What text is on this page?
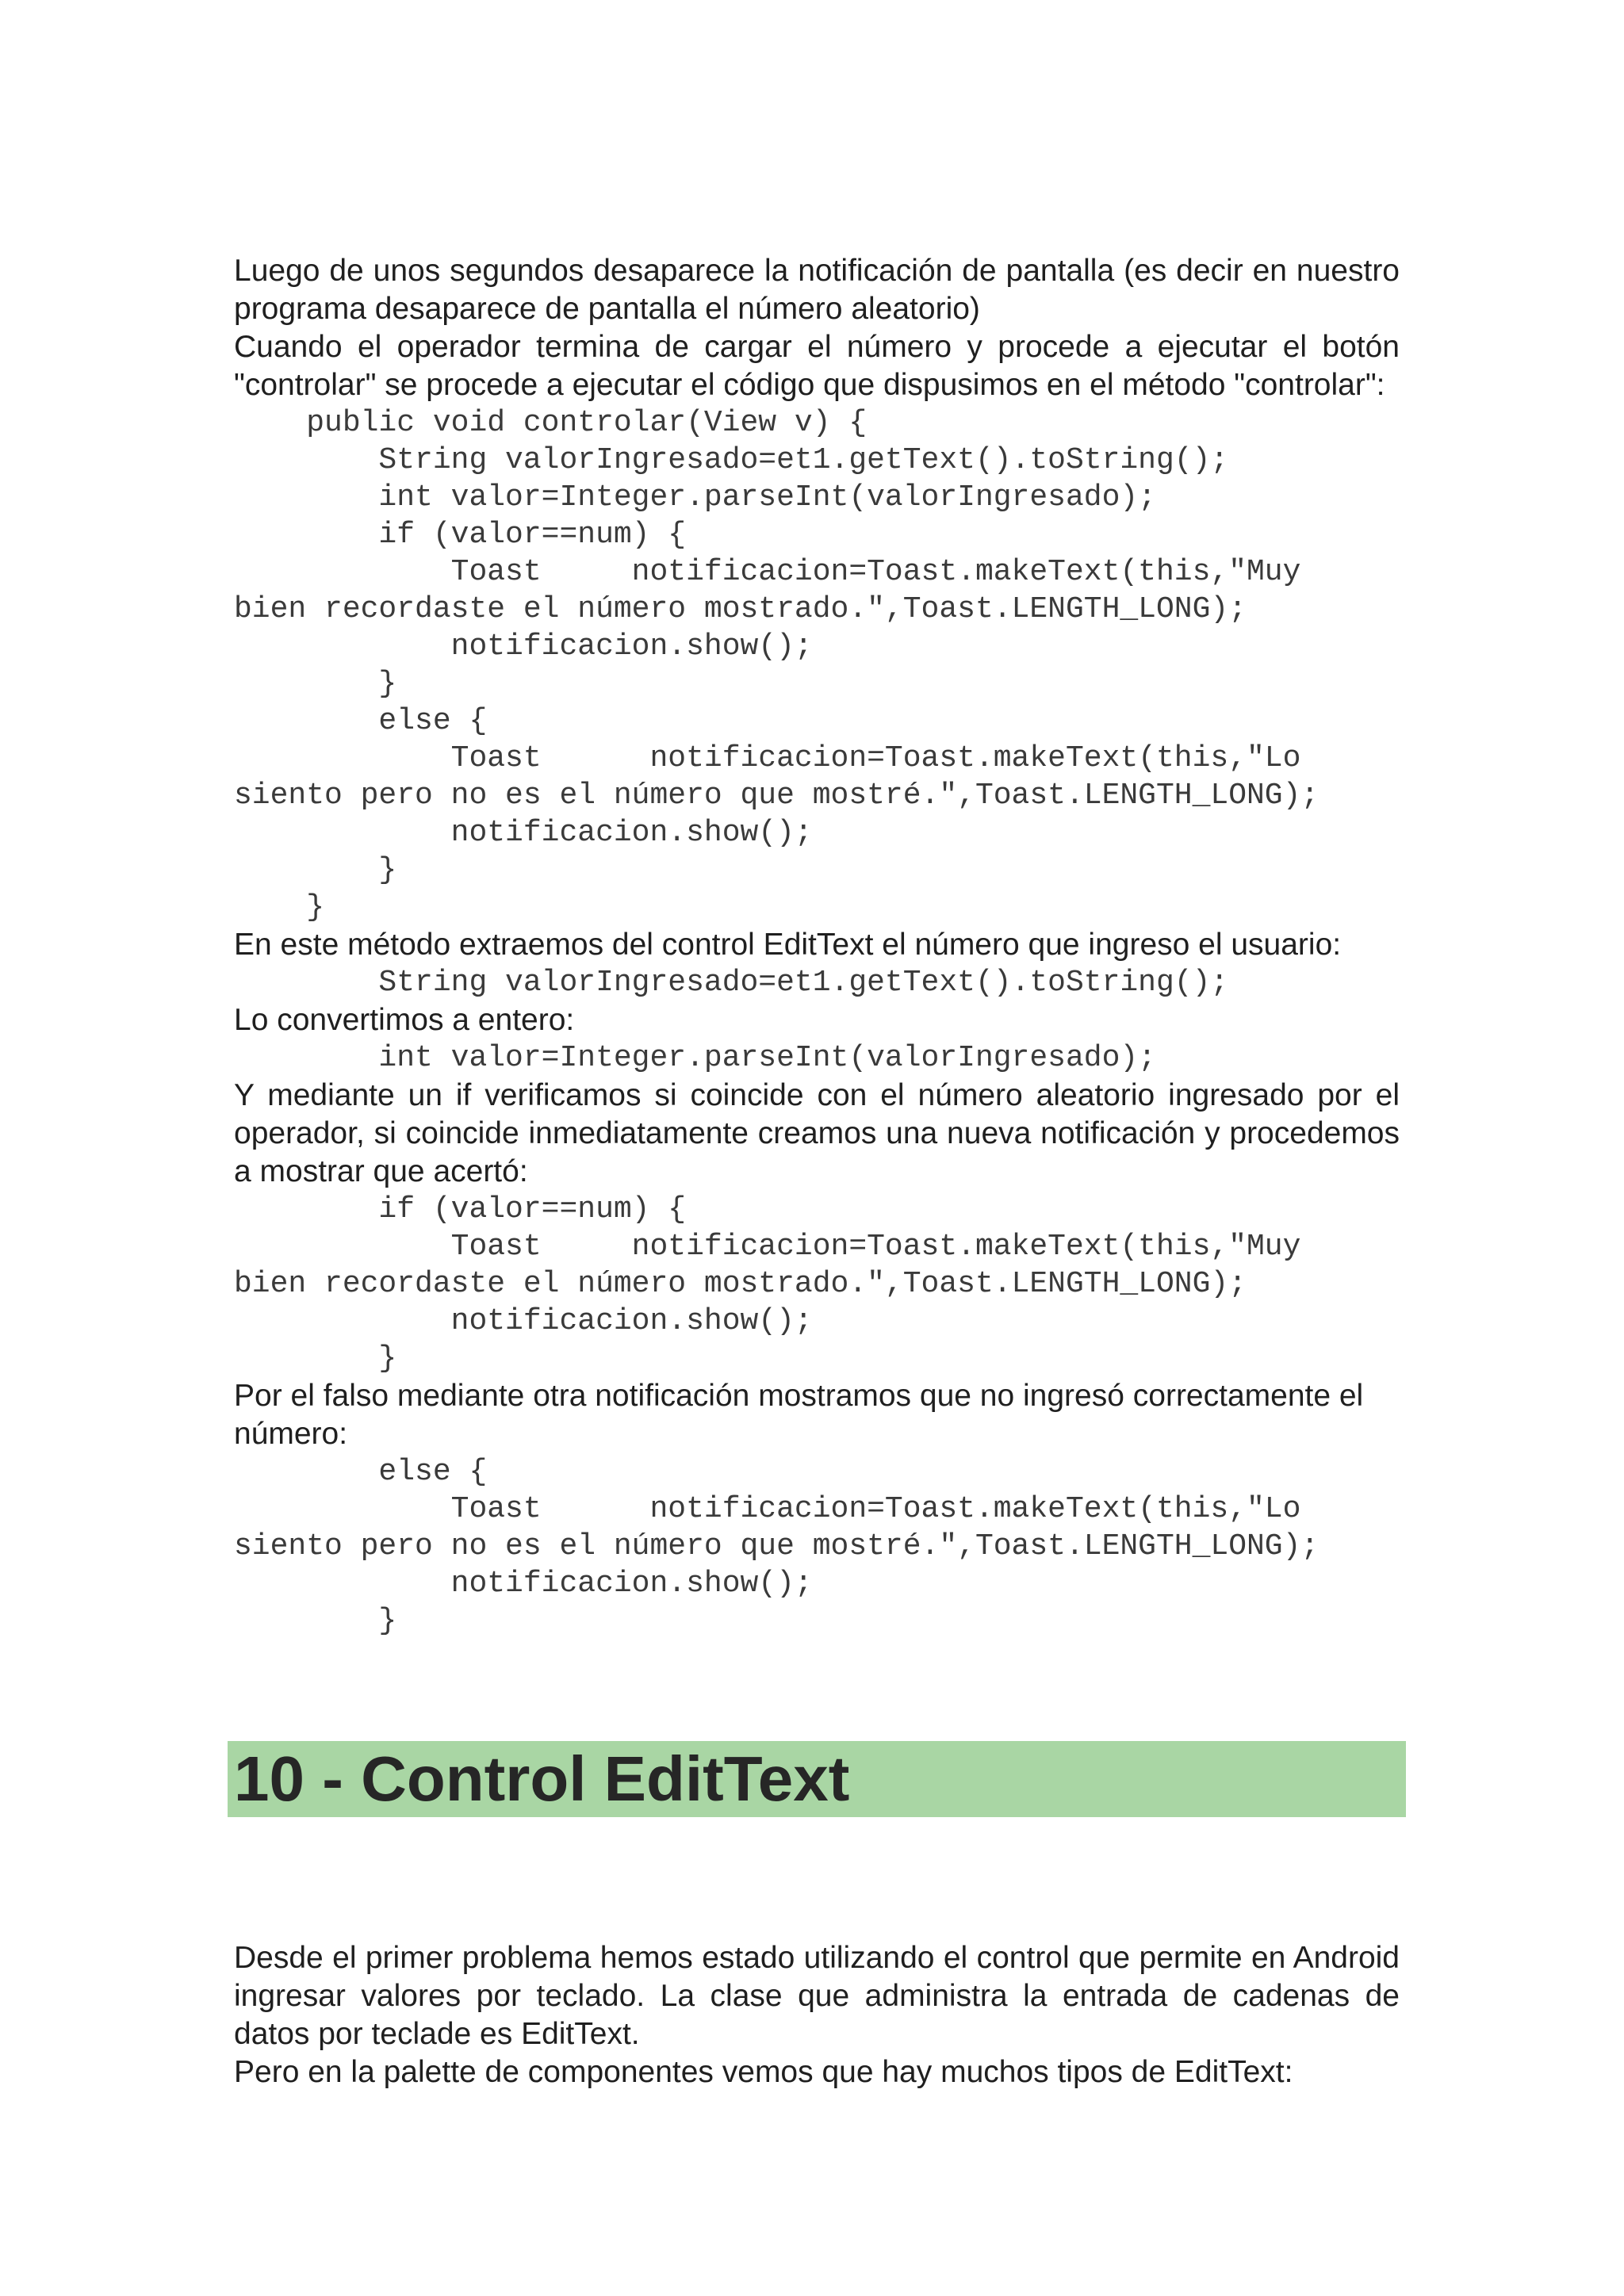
Luego de unos segundos desaparece la notificación de pantalla (es decir en nuestro programa desaparece de pantalla el número aleatorio)

Cuando el operador termina de cargar el número y procede a ejecutar el botón "controlar" se procede a ejecutar el código que dispusimos en el método "controlar":

public void controlar(View v) {
String valorIngresado=et1.getText().toString();
int valor=Integer.parseInt(valorIngresado);
if (valor==num) {
Toast     notificacion=Toast.makeText(this,"Muy
bien recordaste el número mostrado.",Toast.LENGTH_LONG);
notificacion.show();
}
else {
Toast      notificacion=Toast.makeText(this,"Lo
siento pero no es el número que mostré.",Toast.LENGTH_LONG);
notificacion.show();
}
}

En este método extraemos del control EditText el número que ingreso el usuario:

String valorIngresado=et1.getText().toString();

Lo convertimos a entero:

int valor=Integer.parseInt(valorIngresado);

Y mediante un if verificamos si coincide con el número aleatorio ingresado por el operador, si coincide inmediatamente creamos una nueva notificación y procedemos a mostrar que acertó:

if (valor==num) {
Toast     notificacion=Toast.makeText(this,"Muy
bien recordaste el número mostrado.",Toast.LENGTH_LONG);
notificacion.show();
}

Por el falso mediante otra notificación mostramos que no ingresó correctamente el número:

else {
Toast      notificacion=Toast.makeText(this,"Lo
siento pero no es el número que mostré.",Toast.LENGTH_LONG);
notificacion.show();
}
10 - Control EditText

Desde el primer problema hemos estado utilizando el control que permite en Android ingresar valores por teclado. La clase que administra la entrada de cadenas de datos por teclade es EditText.

Pero en la palette de componentes vemos que hay muchos tipos de EditText:
